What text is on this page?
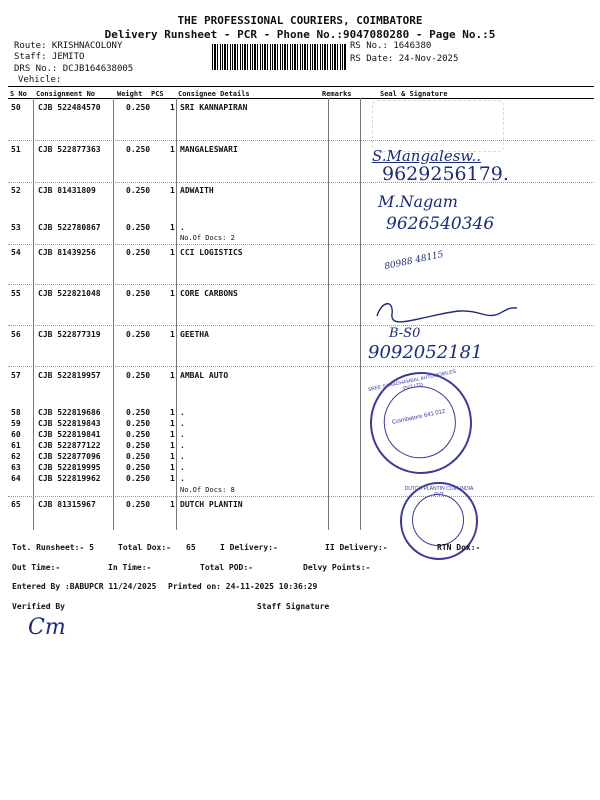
THE PROFESSIONAL COURIERS, COIMBATORE
Delivery Runsheet - PCR - Phone No.:9047080280 - Page No.:5
Route: KRISHNACOLONY
Staff: JEMITO
DRS No.: DCJB164638005
Vehicle:
RS No.: 1646380
RS Date: 24-Nov-2025
S No Consignment No	Weight PCS Consignee Details	Remarks	Seal & Signature
50 CJB 522484570	0.250 1 SRI KANNAPIRAN
51 CJB 522877363	0.250 1 MANGALESWARI
52 CJB 81431809	0.250 1 ADWAITH
53 CJB 522780867	0.250 1 .
No.Of Docs: 2
54 CJB 81439256	0.250 1 CCI LOGISTICS
55 CJB 522821048	0.250 1 CORE CARBONS
56 CJB 522877319	0.250 1 GEETHA
57 CJB 522819957	0.250 1 AMBAL AUTO
58 CJB 522819686	0.250 1 .
59 CJB 522819843	0.250 1 .
60 CJB 522819841	0.250 1 .
61 CJB 522877122	0.250 1 .
62 CJB 522877096	0.250 1 .
63 CJB 522819995	0.250 1 .
64 CJB 522819962	0.250 1 .
No.Of Docs: 8
65 CJB 81315967	0.250 1 DUTCH PLANTIN
S.Mangalesw..
9629256179.
M.Nagam
9626540346
80988 48115
B-S0
9092052181
SREE SARADHAMBAL AUTOMOBILES PVT LTD
Coimbatore 641 012
DUTCH PLANTIN COIR INDIA PVT
Tot. Runsheet:- 5	Total Dox:- 65	I Delivery:-	II Delivery:-	RTN Dox:-
Out Time:-	In Time:-	Total POD:-	Delvy Points:-
Entered By :BABUPCR 11/24/2025 Printed on: 24-11-2025 10:36:29
Verified By	Staff Signature
Cm
